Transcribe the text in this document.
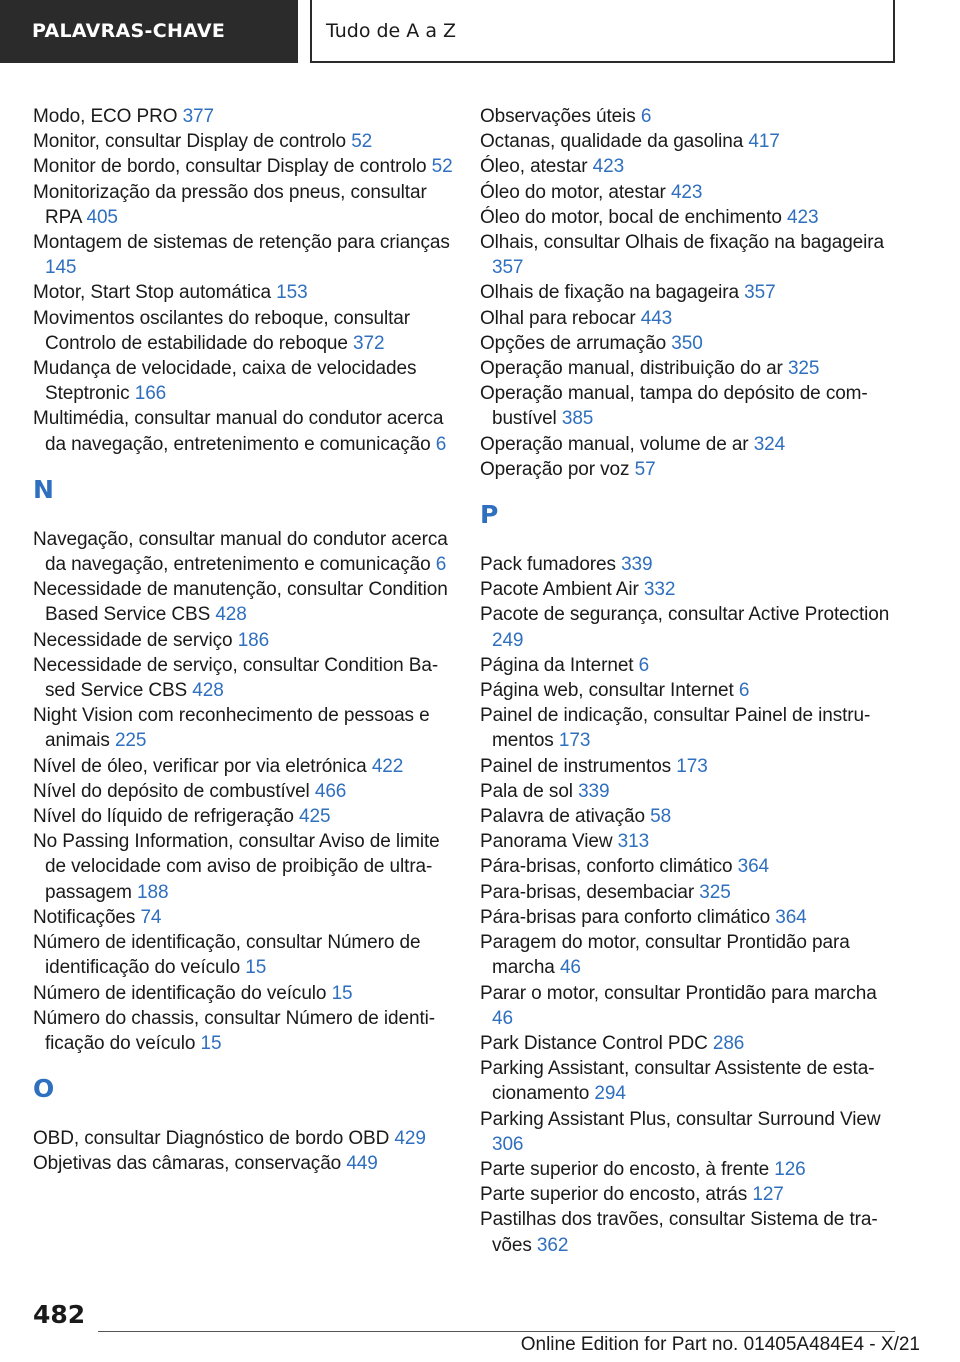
PALAVRAS-CHAVE	Tudo de A a Z
Modo, ECO PRO 377
Monitor, consultar Display de controlo 52
Monitor de bordo, consultar Display de controlo 52
Monitorização da pressão dos pneus, consultar RPA 405
Montagem de sistemas de retenção para crianças 145
Motor, Start Stop automática 153
Movimentos oscilantes do reboque, consultar Controlo de estabilidade do reboque 372
Mudança de velocidade, caixa de velocidades Steptronic 166
Multimédia, consultar manual do condutor acerca da navegação, entretenimento e comunicação 6
N
Navegação, consultar manual do condutor acerca da navegação, entretenimento e comunicação 6
Necessidade de manutenção, consultar Condition Based Service CBS 428
Necessidade de serviço 186
Necessidade de serviço, consultar Condition Based Service CBS 428
Night Vision com reconhecimento de pessoas e animais 225
Nível de óleo, verificar por via eletrónica 422
Nível do depósito de combustível 466
Nível do líquido de refrigeração 425
No Passing Information, consultar Aviso de limite de velocidade com aviso de proibição de ultrapassagem 188
Notificações 74
Número de identificação, consultar Número de identificação do veículo 15
Número de identificação do veículo 15
Número do chassis, consultar Número de identificação do veículo 15
O
OBD, consultar Diagnóstico de bordo OBD 429
Objetivas das câmaras, conservação 449
Observações úteis 6
Octanas, qualidade da gasolina 417
Óleo, atestar 423
Óleo do motor, atestar 423
Óleo do motor, bocal de enchimento 423
Olhais, consultar Olhais de fixação na bagageira 357
Olhais de fixação na bagageira 357
Olhal para rebocar 443
Opções de arrumação 350
Operação manual, distribuição do ar 325
Operação manual, tampa do depósito de combustível 385
Operação manual, volume de ar 324
Operação por voz 57
P
Pack fumadores 339
Pacote Ambient Air 332
Pacote de segurança, consultar Active Protection 249
Página da Internet 6
Página web, consultar Internet 6
Painel de indicação, consultar Painel de instrumentos 173
Painel de instrumentos 173
Pala de sol 339
Palavra de ativação 58
Panorama View 313
Pára-brisas, conforto climático 364
Para-brisas, desembaciar 325
Pára-brisas para conforto climático 364
Paragem do motor, consultar Prontidão para marcha 46
Parar o motor, consultar Prontidão para marcha 46
Park Distance Control PDC 286
Parking Assistant, consultar Assistente de estacionamento 294
Parking Assistant Plus, consultar Surround View 306
Parte superior do encosto, à frente 126
Parte superior do encosto, atrás 127
Pastilhas dos travões, consultar Sistema de travões 362
482
Online Edition for Part no. 01405A484E4 - X/21
